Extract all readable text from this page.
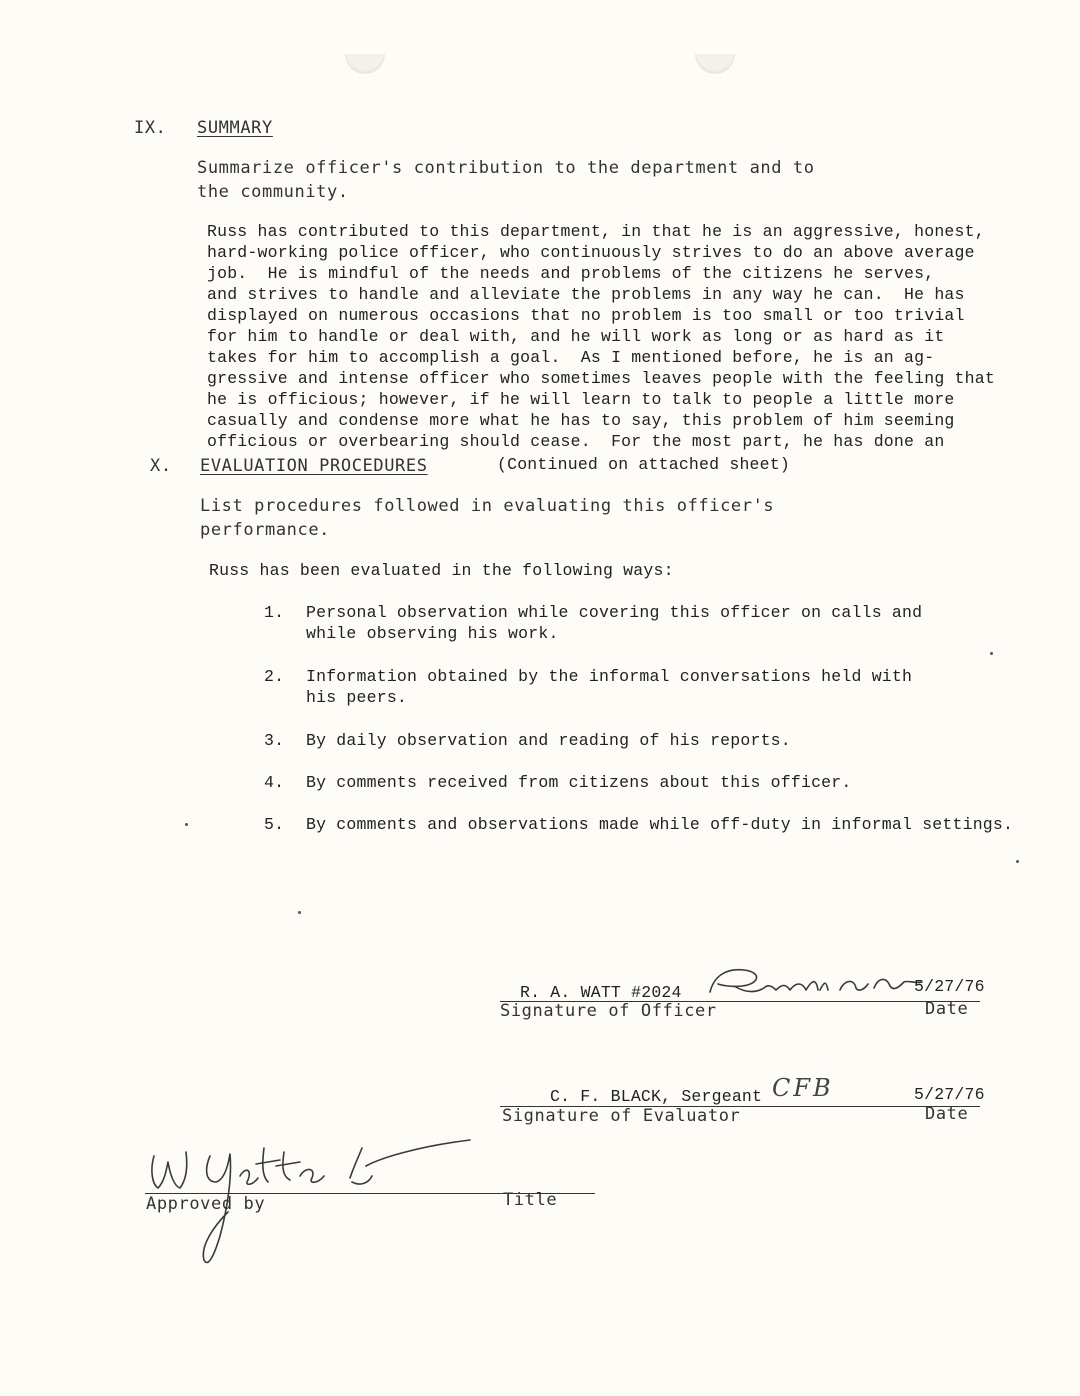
IX. SUMMARY
Summarize officer's contribution to the department and to
the community.
Russ has contributed to this department, in that he is an aggressive, honest,
hard-working police officer, who continuously strives to do an above average
job.  He is mindful of the needs and problems of the citizens he serves,
and strives to handle and alleviate the problems in any way he can.  He has
displayed on numerous occasions that no problem is too small or too trivial
for him to handle or deal with, and he will work as long or as hard as it
takes for him to accomplish a goal.  As I mentioned before, he is an ag-
gressive and intense officer who sometimes leaves people with the feeling that
he is officious; however, if he will learn to talk to people a little more
casually and condense more what he has to say, this problem of him seeming
officious or overbearing should cease.  For the most part, he has done an
X. EVALUATION PROCEDURES	(Continued on attached sheet)
List procedures followed in evaluating this officer's
performance.
Russ has been evaluated in the following ways:
1. Personal observation while covering this officer on calls and
while observing his work.
2. Information obtained by the informal conversations held with
his peers.
3. By daily observation and reading of his reports.
4. By comments received from citizens about this officer.
5. By comments and observations made while off-duty in informal settings.
R. A. WATT #2024	5/27/76
Signature of Officer	Date
C. F. BLACK, Sergeant CFB	5/27/76
Signature of Evaluator	Date
Approved by	Title
